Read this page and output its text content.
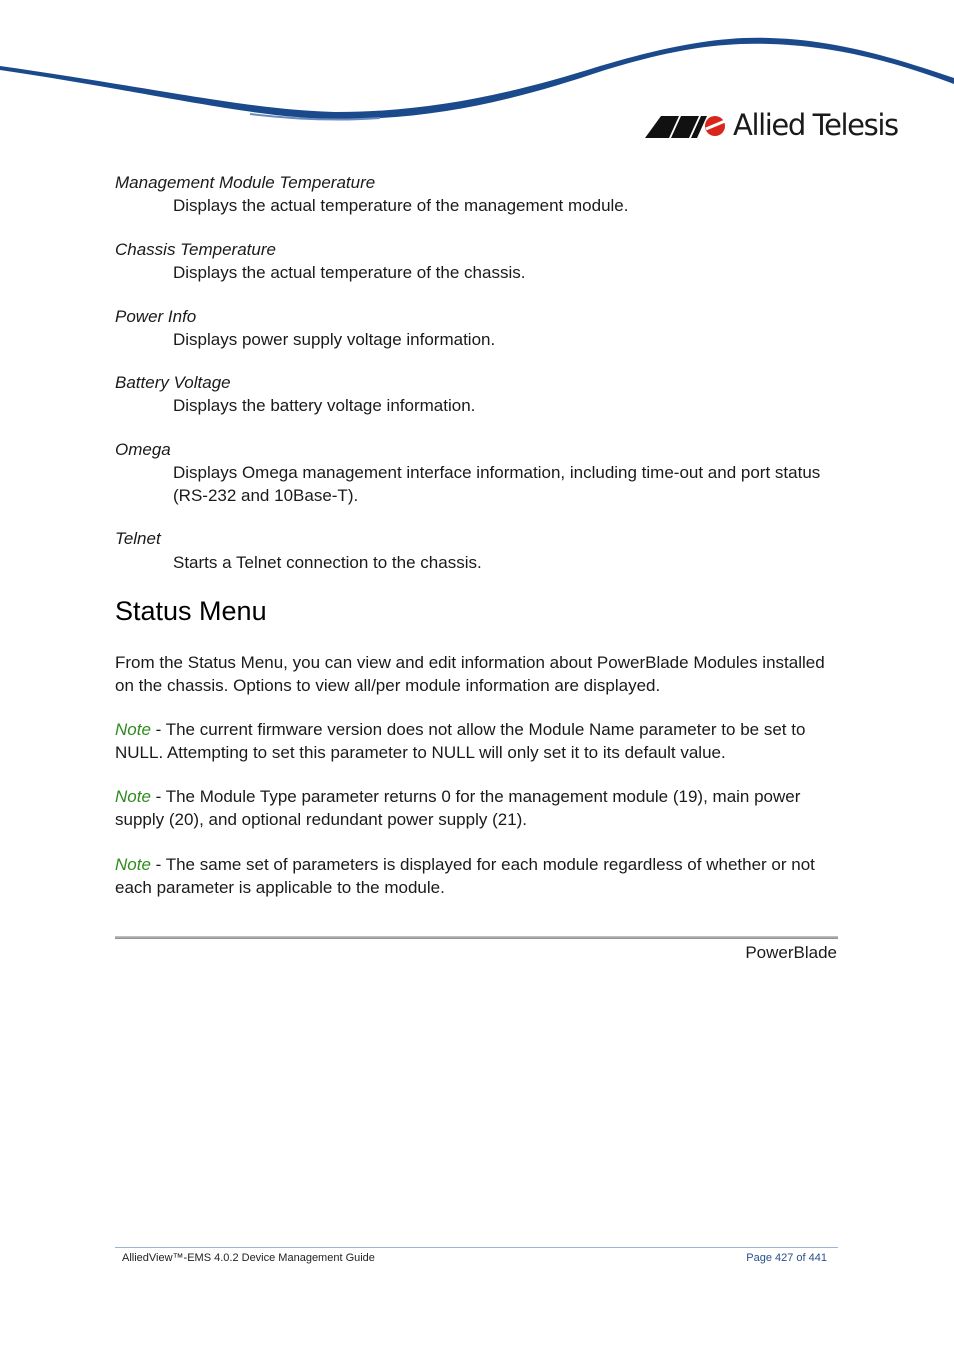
Allied Telesis
Management Module Temperature
Displays the actual temperature of the management module.
Chassis Temperature
Displays the actual temperature of the chassis.
Power Info
Displays power supply voltage information.
Battery Voltage
Displays the battery voltage information.
Omega
Displays Omega management interface information, including time-out and port status (RS-232 and 10Base-T).
Telnet
Starts a Telnet connection to the chassis.
Status Menu
From the Status Menu, you can view and edit information about PowerBlade Modules installed on the chassis. Options to view all/per module information are displayed.
Note - The current firmware version does not allow the Module Name parameter to be set to NULL. Attempting to set this parameter to NULL will only set it to its default value.
Note - The Module Type parameter returns 0 for the management module (19), main power supply (20), and optional redundant power supply (21).
Note - The same set of parameters is displayed for each module regardless of whether or not each parameter is applicable to the module.
PowerBlade
AlliedView™-EMS 4.0.2 Device Management Guide	Page 427 of 441
